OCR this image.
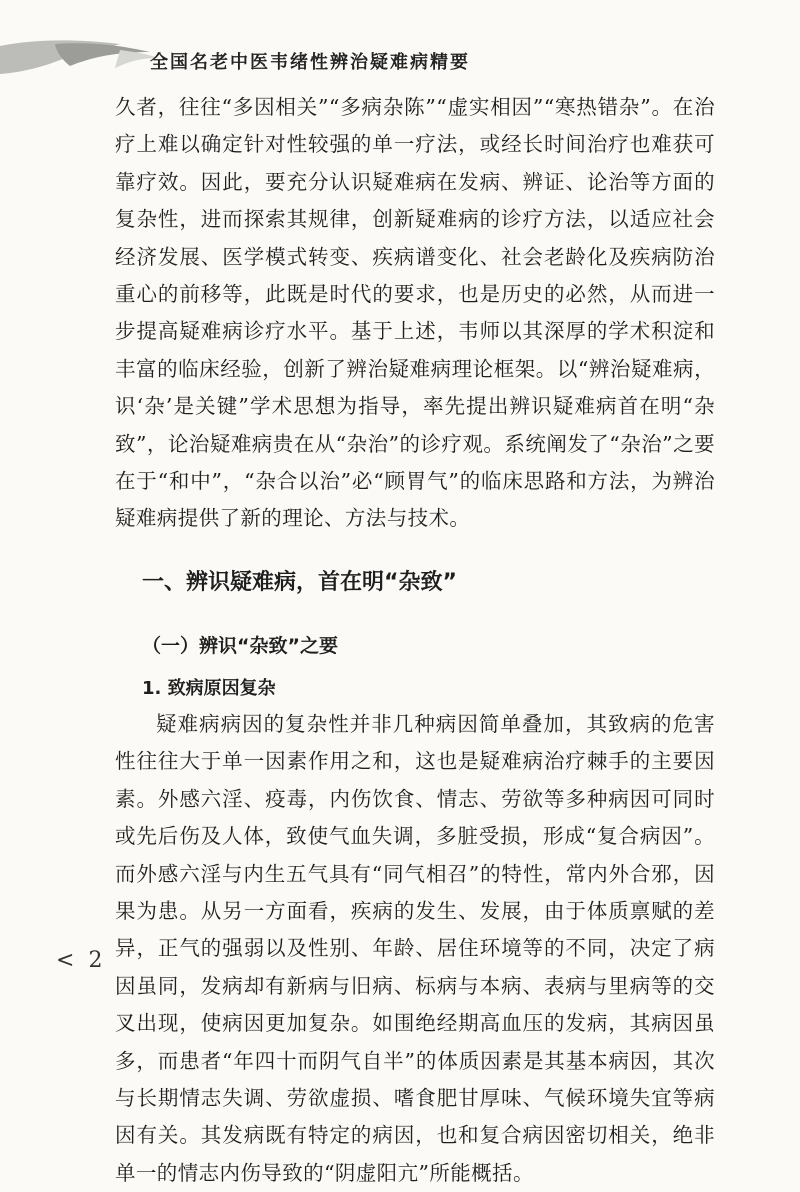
全国名老中医韦绪性辨治疑难病精要

久者，往往“多因相关”“多病杂陈”“虚实相因”“寒热错杂”。在治疗上难以确定针对性较强的单一疗法，或经长时间治疗也难获可靠疗效。因此，要充分认识疑难病在发病、辨证、论治等方面的复杂性，进而探索其规律，创新疑难病的诊疗方法，以适应社会经济发展、医学模式转变、疾病谱变化、社会老龄化及疾病防治重心的前移等，此既是时代的要求，也是历史的必然，从而进一步提高疑难病诊疗水平。基于上述，韦师以其深厚的学术积淀和丰富的临床经验，创新了辨治疑难病理论框架。以“辨治疑难病，识‘杂’是关键”学术思想为指导，率先提出辨识疑难病首在明“杂致”，论治疑难病贵在从“杂治”的诊疗观。系统阐发了“杂治”之要在于“和中”，“杂合以治”必“顾胃气”的临床思路和方法，为辨治疑难病提供了新的理论、方法与技术。

一、辨识疑难病，首在明“杂致”
（一）辨识“杂致”之要
1. 致病原因复杂

疑难病病因的复杂性并非几种病因简单叠加，其致病的危害性往往大于单一因素作用之和，这也是疑难病治疗棘手的主要因素。外感六淫、疫毒，内伤饮食、情志、劳欲等多种病因可同时或先后伤及人体，致使气血失调，多脏受损，形成“复合病因”。而外感六淫与内生五气具有“同气相召”的特性，常内外合邪，因果为患。从另一方面看，疾病的发生、发展，由于体质禀赋的差异，正气的强弱以及性别、年龄、居住环境等的不同，决定了病因虽同，发病却有新病与旧病、标病与本病、表病与里病等的交叉出现，使病因更加复杂。如围绝经期高血压的发病，其病因虽多，而患者“年四十而阴气自半”的体质因素是其基本病因，其次与长期情志失调、劳欲虚损、嗜食肥甘厚味、气候环境失宜等病因有关。其发病既有特定的病因，也和复合病因密切相关，绝非单一的情志内伤导致的“阴虚阳亢”所能概括。

< 2
